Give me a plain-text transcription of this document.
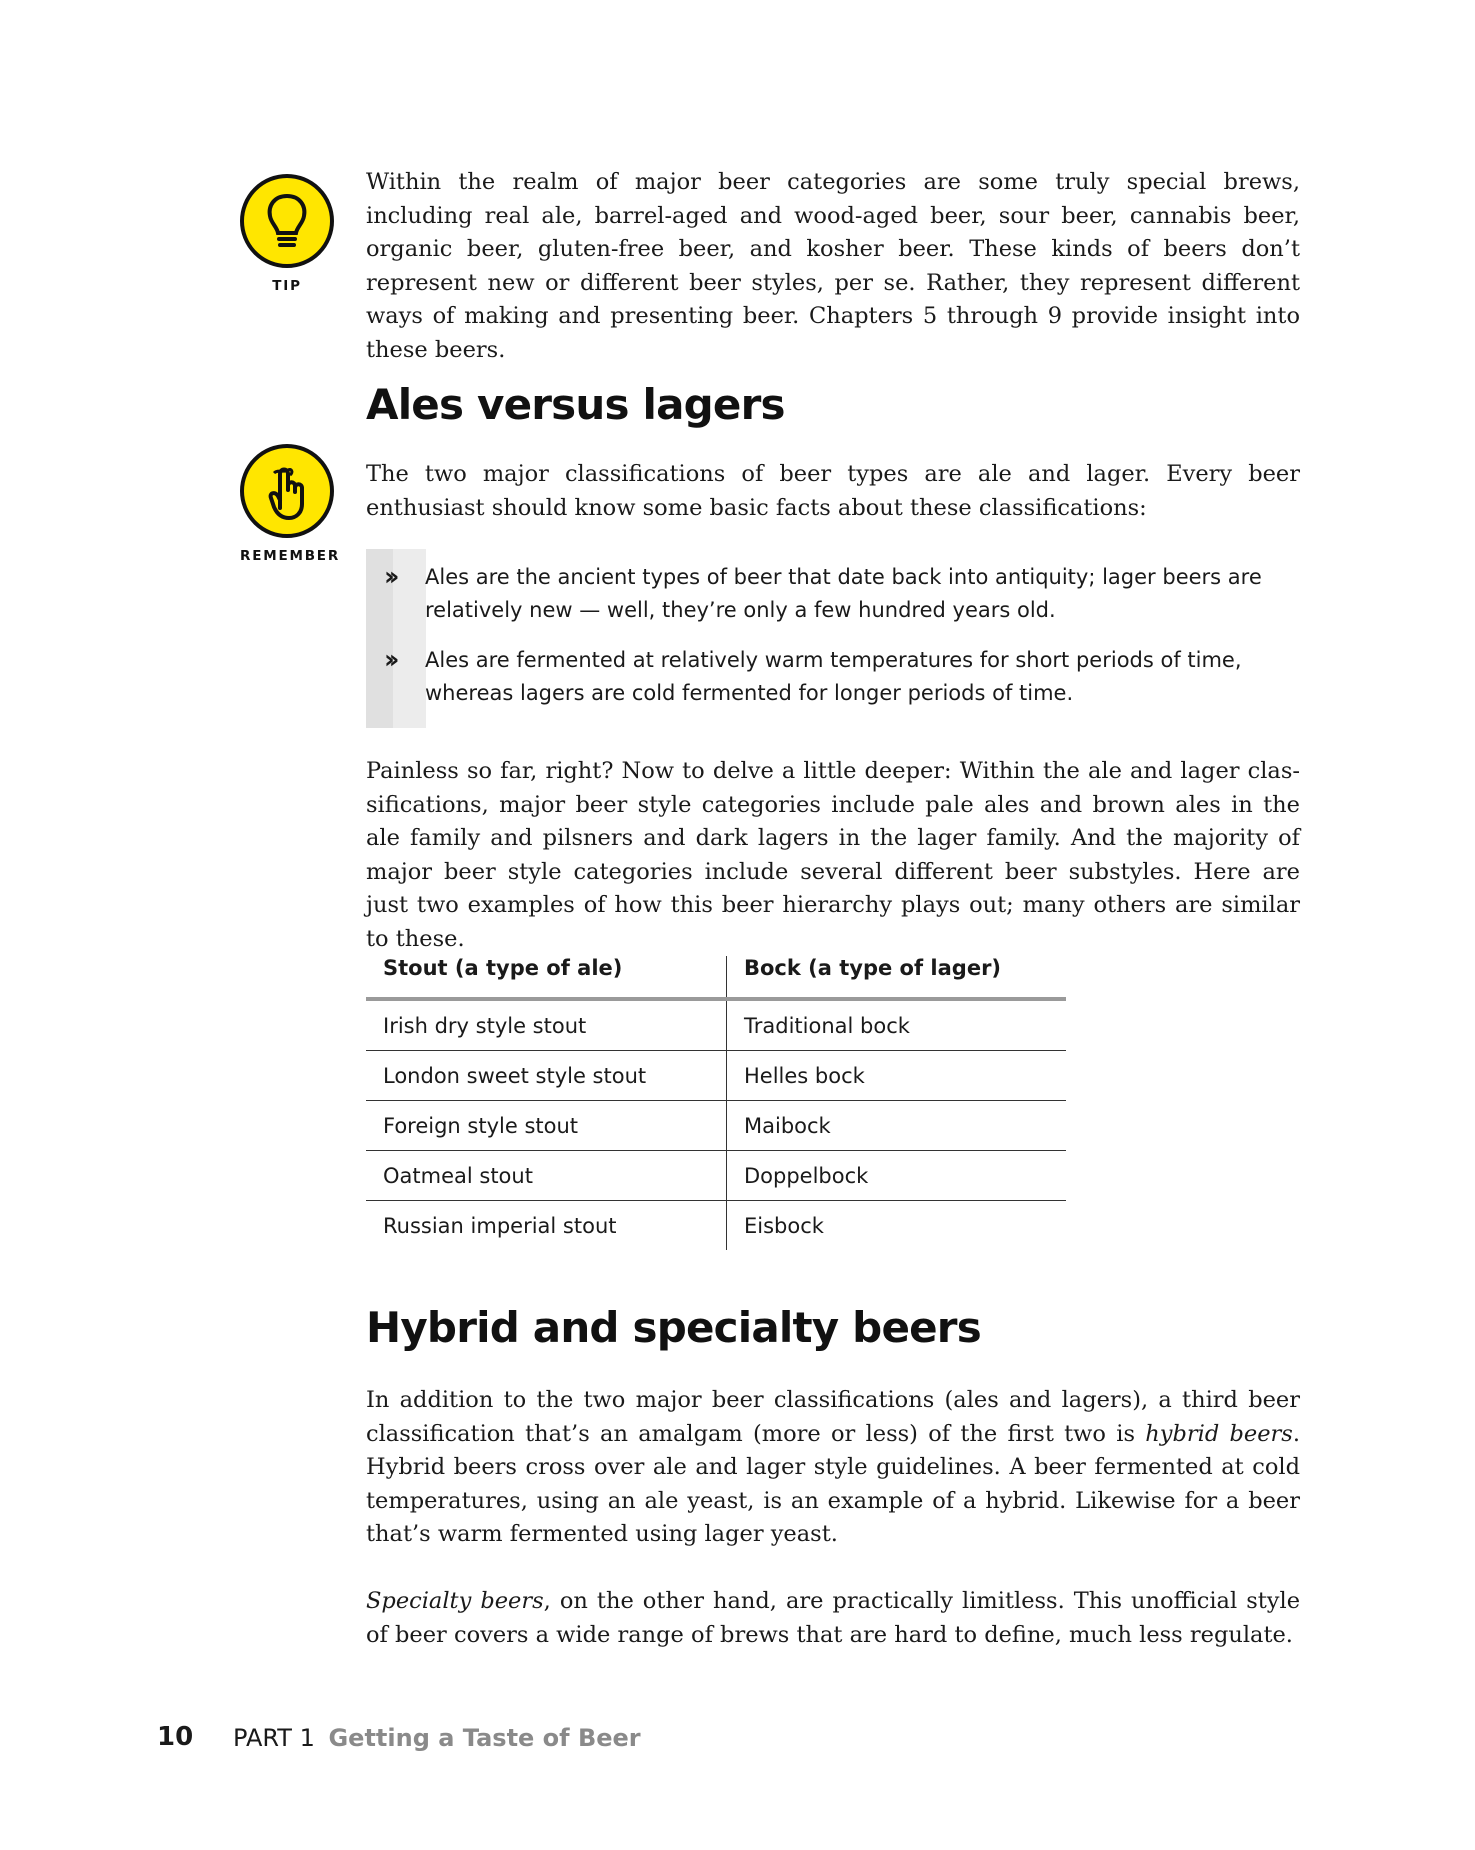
TIP

Within the realm of major beer categories are some truly special brews, including real ale, barrel-aged and wood-aged beer, sour beer, cannabis beer, organic beer, gluten-free beer, and kosher beer. These kinds of beers don’t represent new or different beer styles, per se. Rather, they represent different ways of making and presenting beer. Chapters 5 through 9 provide insight into these beers.

Ales versus lagers
REMEMBER

The two major classifications of beer types are ale and lager. Every beer enthusiast should know some basic facts about these classifications:

›› Ales are the ancient types of beer that date back into antiquity; lager beers are relatively new — well, they’re only a few hundred years old.
›› Ales are fermented at relatively warm temperatures for short periods of time, whereas lagers are cold fermented for longer periods of time.

Painless so far, right? Now to delve a little deeper: Within the ale and lager clas-sifications, major beer style categories include pale ales and brown ales in the ale family and pilsners and dark lagers in the lager family. And the majority of major beer style categories include several different beer substyles. Here are just two examples of how this beer hierarchy plays out; many others are similar to these.

Stout (a type of ale)	Bock (a type of lager)
Irish dry style stout	Traditional bock
London sweet style stout	Helles bock
Foreign style stout	Maibock
Oatmeal stout	Doppelbock
Russian imperial stout	Eisbock
Hybrid and specialty beers

In addition to the two major beer classifications (ales and lagers), a third beer classification that’s an amalgam (more or less) of the first two is hybrid beers. Hybrid beers cross over ale and lager style guidelines. A beer fermented at cold temperatures, using an ale yeast, is an example of a hybrid. Likewise for a beer that’s warm fermented using lager yeast.

Specialty beers, on the other hand, are practically limitless. This unofficial style of beer covers a wide range of brews that are hard to define, much less regulate.

10 PART 1 Getting a Taste of Beer
